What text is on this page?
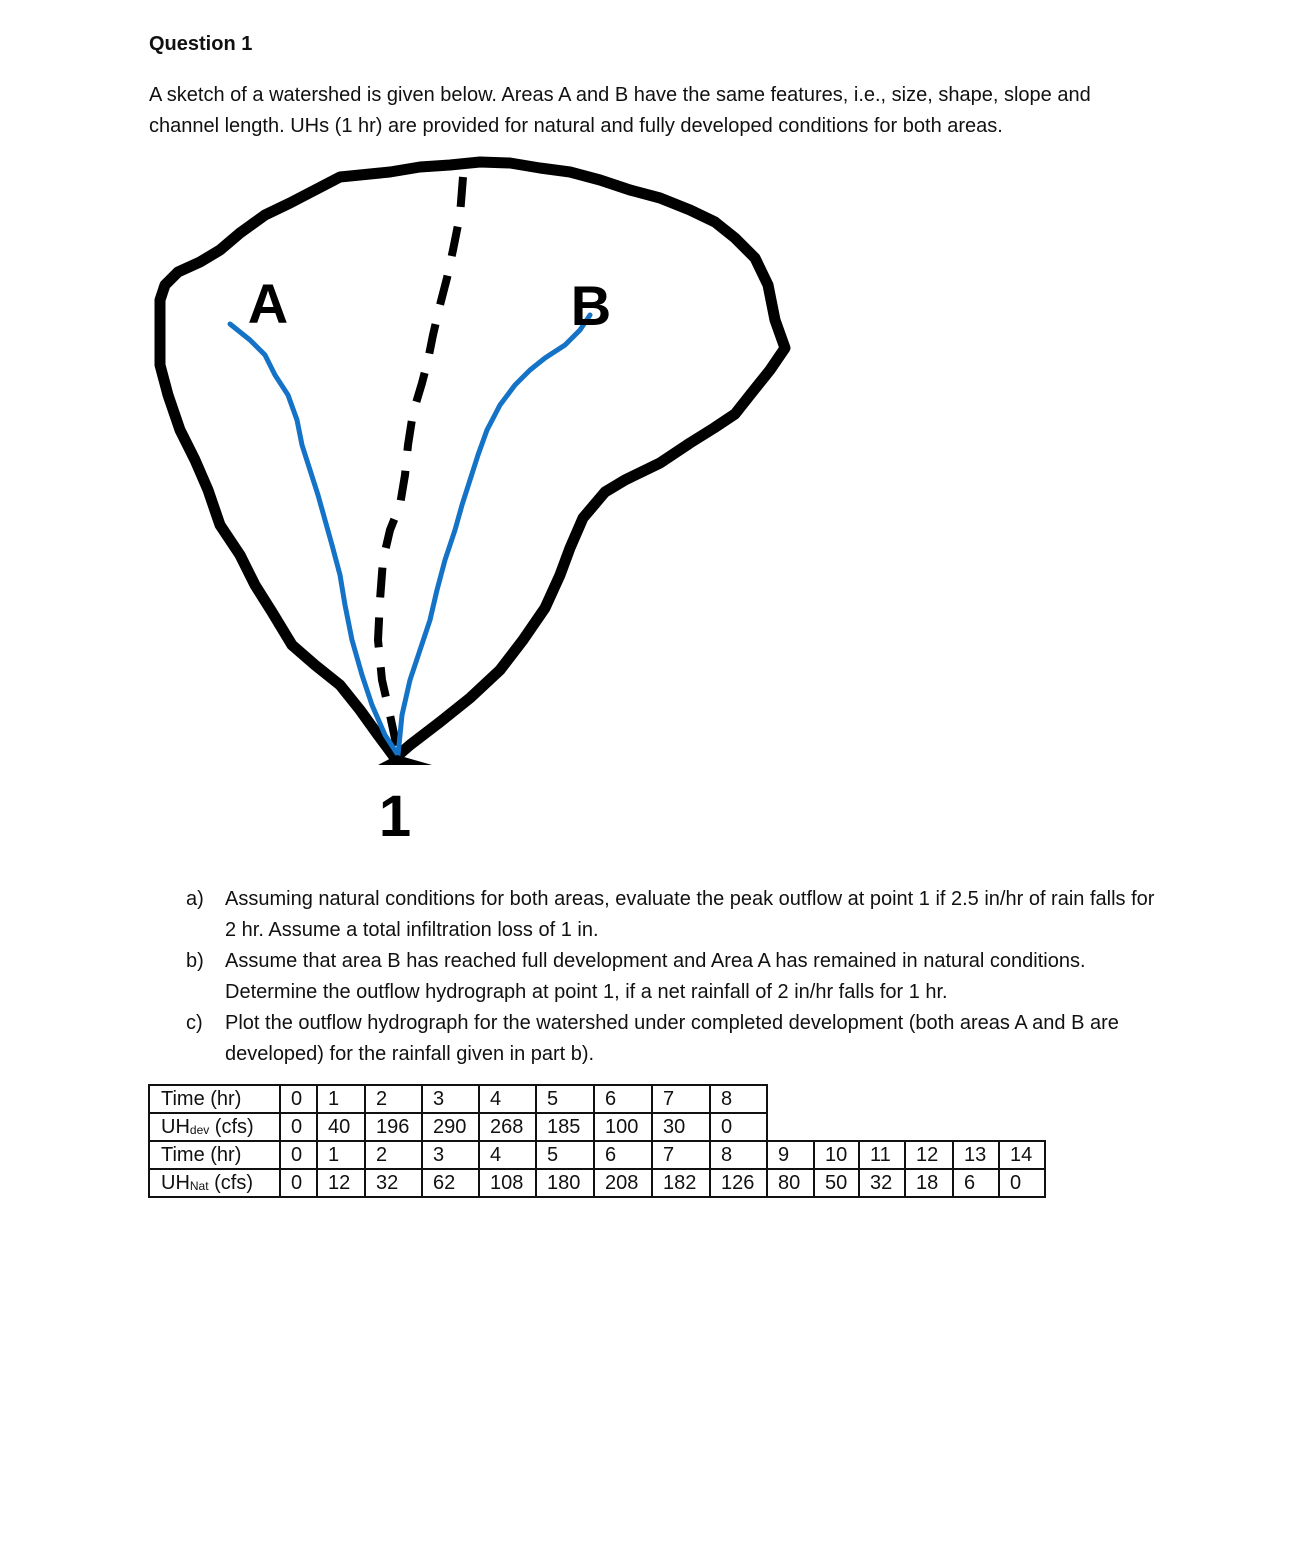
Question 1

A sketch of a watershed is given below. Areas A and B have the same features, i.e., size, shape, slope and channel length. UHs (1 hr) are provided for natural and fully developed conditions for both areas.

A	B
1
a) Assuming natural conditions for both areas, evaluate the peak outflow at point 1 if 2.5 in/hr of rain falls for 2 hr. Assume a total infiltration loss of 1 in.
b) Assume that area B has reached full development and Area A has remained in natural conditions. Determine the outflow hydrograph at point 1, if a net rainfall of 2 in/hr falls for 1 hr.
c) Plot the outflow hydrograph for the watershed under completed development (both areas A and B are developed) for the rainfall given in part b).
Time (hr)	0	1	2	3	4	5	6	7	8						
$UH_{dev}$ (cfs)	0	40	196	290	268	185	100	30	0						
Time (hr)	0	1	2	3	4	5	6	7	8	9	10	11	12	13	14
$UH_{Nat}$ (cfs)	0	12	32	62	108	180	208	182	126	80	50	32	18	6	0
